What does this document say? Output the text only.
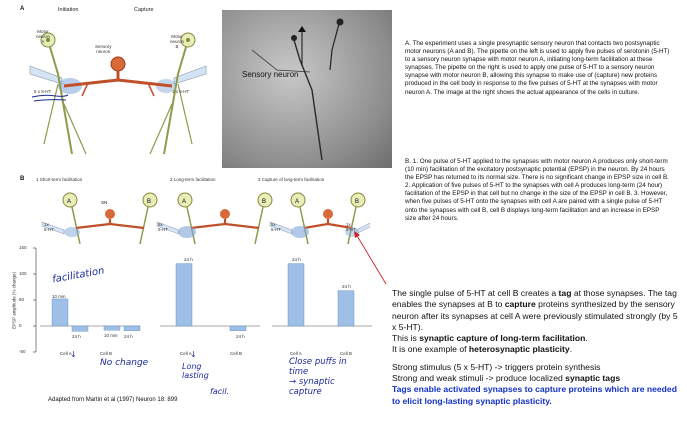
A	Initiation	Capture
Motor
neuron
A
Motor
neuron
B
Sensory
neuron
5 x 5-HT	1 x 5-HT
Sensory neuron
B	1 Short-term facilitation	2 Long-term facilitation	3 Capture of long-term facilitation
A	B	A	B	A	B
SN
1x
5-HT
5x
5-HT
5x
5-HT
1x
5-HT
EPSP amplitude (% change)
150
100
50
0
-50	Cell A	Cell B	Cell A	Cell B	Cell A	Cell B
10 min
24 h	10 min 24 h
24 h
24 h
24 h
24 h
facilitation
No change	Long
lasting
facil.
Close puffs in
time
→ synaptic
capture
↓	↓
Adapted from Martin et al (1997) Neuron 18: 899
A. The experiment uses a single presynaptic sensory neuron that contacts two postsynaptic motor neurons (A and B). The pipette on the left is used to apply five pulses of serotonin (5-HT) to a sensory neuron synapse with motor neuron A, initiating long-term facilitation at these synapses. The pipette on the right is used to apply one pulse of 5-HT to a sensory neuron synapse with motor neuron B, allowing this synapse to make use of (capture) new proteins produced in the cell body in response to the five pulses of 5-HT at the synapses with motor neuron A. The image at the right shows the actual appearance of the cells in culture.
B. 1. One pulse of 5-HT applied to the synapses with motor neuron A produces only short-term (10 min) facilitation of the excitatory postsynaptic potential (EPSP) in the neuron. By 24 hours the EPSP has returned to its normal size. There is no significant change in EPSP size in cell B. 2. Application of five pulses of 5-HT to the synapses with cell A produces long-term (24 hour) facilitation of the EPSP in that cell but no change in the size of the EPSP in cell B. 3. However, when five pulses of 5-HT onto the synapses with cell A are paired with a single pulse of 5-HT onto the synapses with cell B, cell B displays long-term facilitation and an increase in EPSP size after 24 hours.
The single pulse of 5-HT at cell B creates a tag at those synapses. The tag enables the synapses at B to capture proteins synthesized by the sensory neuron after its synapses at cell A were previously stimulated strongly (by 5 x 5-HT).
This is synaptic capture of long-term facilitation.
It is one example of heterosynaptic plasticity.
Strong stimulus (5 x 5-HT) -> triggers protein synthesis
Strong and weak stimuli -> produce localized synaptic tags
Tags enable activated synapses to capture proteins which are needed to elicit long-lasting synaptic plasticity.
